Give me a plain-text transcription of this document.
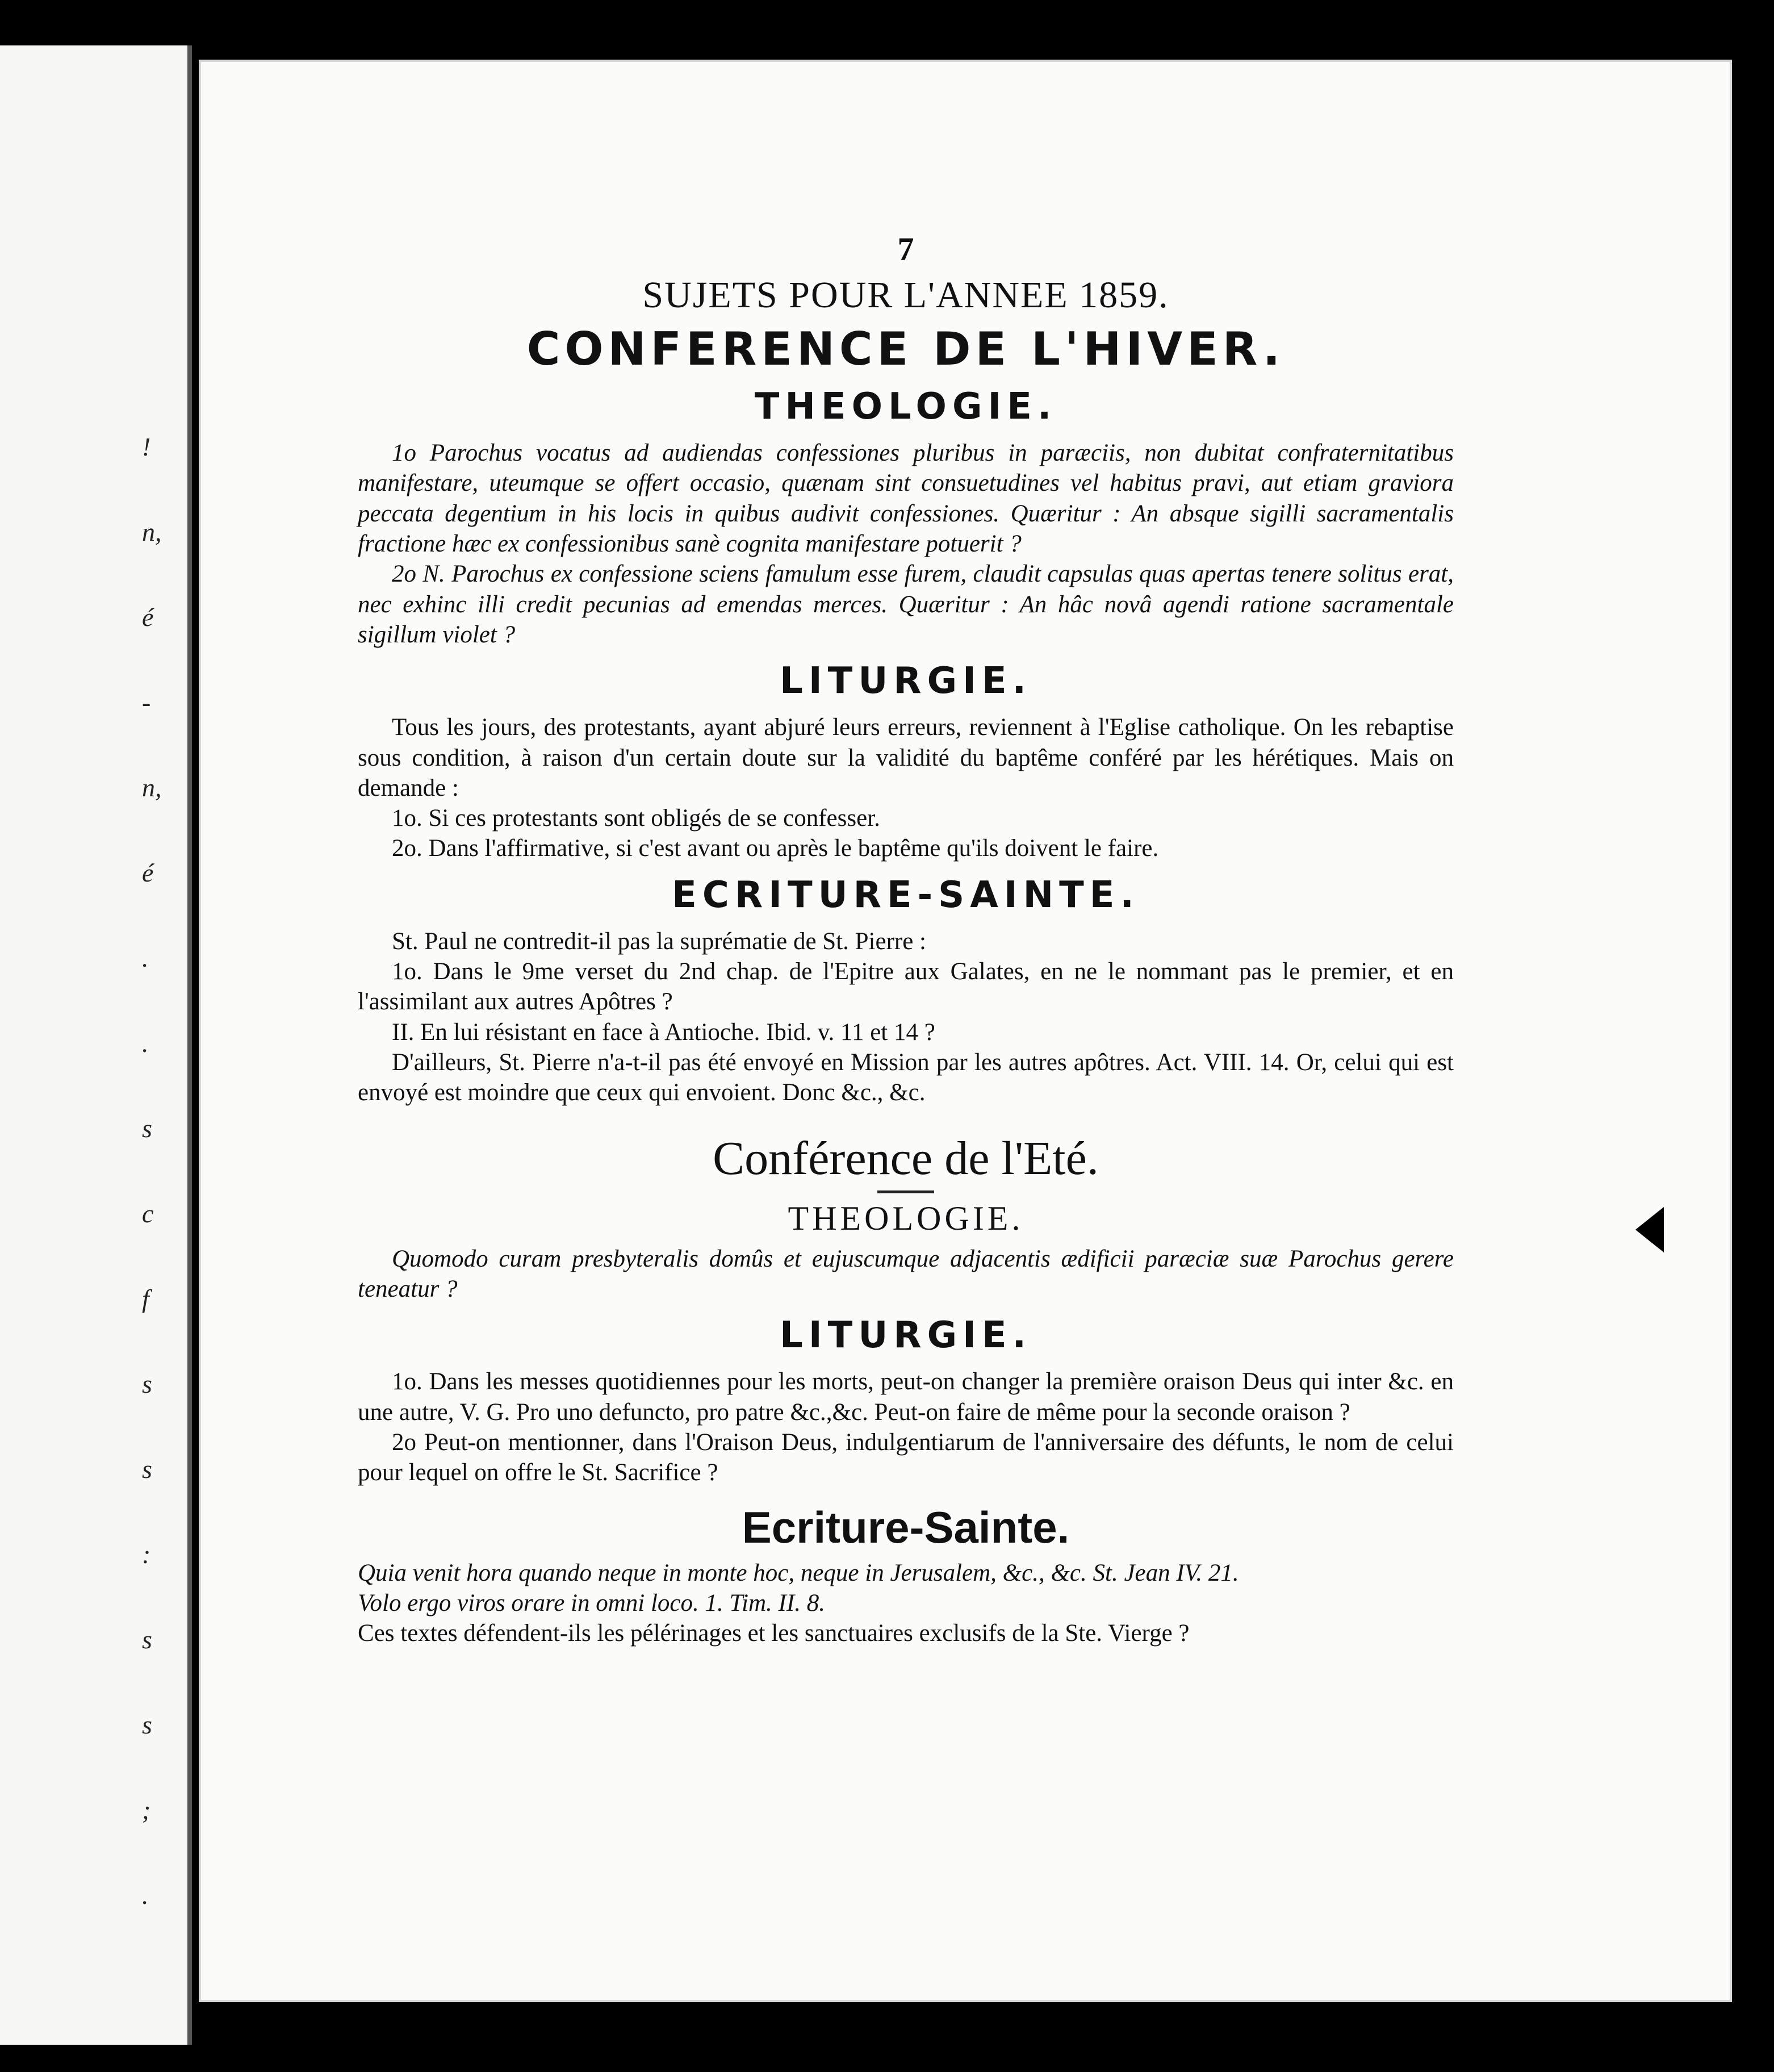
!
n,
é
-
n,
é
.
.
s
c
f
s
s
:
s
s
;
.
7
SUJETS POUR L'ANNEE 1859.
CONFERENCE DE L'HIVER.
THEOLOGIE.

1o Parochus vocatus ad audiendas confessiones pluribus in paræciis, non dubitat confraternitatibus manifestare, uteumque se offert occasio, quænam sint consuetudines vel habitus pravi, aut etiam graviora peccata degentium in his locis in quibus audivit confessiones. Quæritur : An absque sigilli sacramentalis fractione hæc ex confessionibus sanè cognita manifestare potuerit ?

2o N. Parochus ex confessione sciens famulum esse furem, claudit capsulas quas apertas tenere solitus erat, nec exhinc illi credit pecunias ad emendas merces. Quæritur : An hâc novâ agendi ratione sacramentale sigillum violet ?

LITURGIE.

Tous les jours, des protestants, ayant abjuré leurs erreurs, reviennent à l'Eglise catholique. On les rebaptise sous condition, à raison d'un certain doute sur la validité du baptême conféré par les hérétiques. Mais on demande :

1o. Si ces protestants sont obligés de se confesser.

2o. Dans l'affirmative, si c'est avant ou après le baptême qu'ils doivent le faire.

ECRITURE-SAINTE.

St. Paul ne contredit-il pas la suprématie de St. Pierre :

1o. Dans le 9me verset du 2nd chap. de l'Epitre aux Galates, en ne le nommant pas le premier, et en l'assimilant aux autres Apôtres ?

II. En lui résistant en face à Antioche. Ibid. v. 11 et 14 ?

D'ailleurs, St. Pierre n'a-t-il pas été envoyé en Mission par les autres apôtres. Act. VIII. 14. Or, celui qui est envoyé est moindre que ceux qui envoient. Donc &c., &c.

Conférence de l'Eté.
THEOLOGIE.

Quomodo curam presbyteralis domûs et eujuscumque adjacentis ædificii paræciæ suæ Parochus gerere teneatur ?

LITURGIE.

1o. Dans les messes quotidiennes pour les morts, peut-on changer la première oraison Deus qui inter &c. en une autre, V. G. Pro uno defuncto, pro patre &c.,&c. Peut-on faire de même pour la seconde oraison ?

2o Peut-on mentionner, dans l'Oraison Deus, indulgentiarum de l'anniversaire des défunts, le nom de celui pour lequel on offre le St. Sacrifice ?

Ecriture-Sainte.

Quia venit hora quando neque in monte hoc, neque in Jerusalem, &c., &c. St. Jean IV. 21.

Volo ergo viros orare in omni loco. 1. Tim. II. 8.

Ces textes défendent-ils les pélérinages et les sanctuaires exclusifs de la Ste. Vierge ?
